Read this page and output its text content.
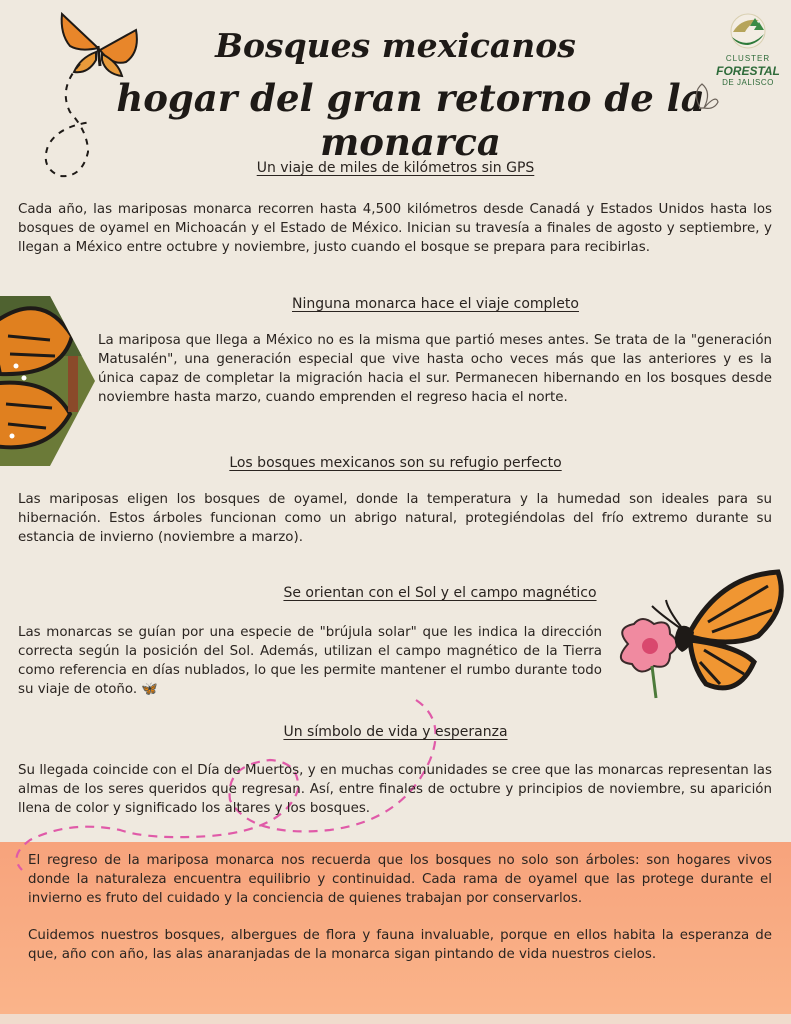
Bosques mexicanos
hogar del gran retorno de la monarca
CLUSTER
FORESTAL
DE JALISCO
Un viaje de miles de kilómetros sin GPS

Cada año, las mariposas monarca recorren hasta 4,500 kilómetros desde Canadá y Estados Unidos hasta los bosques de oyamel en Michoacán y el Estado de México. Inician su travesía a finales de agosto y septiembre, y llegan a México entre octubre y noviembre, justo cuando el bosque se prepara para recibirlas.

Ninguna monarca hace el viaje completo

La mariposa que llega a México no es la misma que partió meses antes. Se trata de la "generación Matusalén", una generación especial que vive hasta ocho veces más que las anteriores y es la única capaz de completar la migración hacia el sur. Permanecen hibernando en los bosques desde noviembre hasta marzo, cuando emprenden el regreso hacia el norte.

Los bosques mexicanos son su refugio perfecto

Las mariposas eligen los bosques de oyamel, donde la temperatura y la humedad son ideales para su hibernación. Estos árboles funcionan como un abrigo natural, protegiéndolas del frío extremo durante su estancia de invierno (noviembre a marzo).

Se orientan con el Sol y el campo magnético

Las monarcas se guían por una especie de "brújula solar" que les indica la dirección correcta según la posición del Sol. Además, utilizan el campo magnético de la Tierra como referencia en días nublados, lo que les permite mantener el rumbo durante todo su viaje de otoño. 🦋

Un símbolo de vida y esperanza

Su llegada coincide con el Día de Muertos, y en muchas comunidades se cree que las monarcas representan las almas de los seres queridos que regresan. Así, entre finales de octubre y principios de noviembre, su aparición llena de color y significado los altares y los bosques.

El regreso de la mariposa monarca nos recuerda que los bosques no solo son árboles: son hogares vivos donde la naturaleza encuentra equilibrio y continuidad. Cada rama de oyamel que las protege durante el invierno es fruto del cuidado y la conciencia de quienes trabajan por conservarlos.

Cuidemos nuestros bosques, albergues de flora y fauna invaluable, porque en ellos habita la esperanza de que, año con año, las alas anaranjadas de la monarca sigan pintando de vida nuestros cielos.
